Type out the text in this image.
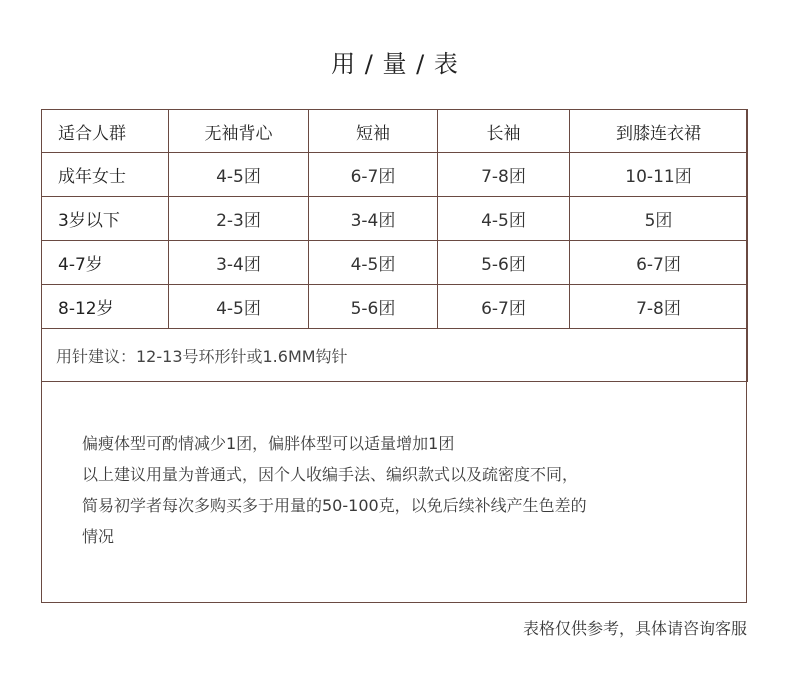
用 / 量 / 表
适合人群	无袖背心	短袖	长袖	到膝连衣裙
成年女士	4-5团	6-7团	7-8团	10-11团
3岁以下	2-3团	3-4团	4-5团	5团
4-7岁	3-4团	4-5团	5-6团	6-7团
8-12岁	4-5团	5-6团	6-7团	7-8团
用针建议：12-13号环形针或1.6MM钩针				
偏瘦体型可酌情减少1团，偏胖体型可以适量增加1团
以上建议用量为普通式，因个人收编手法、编织款式以及疏密度不同，
简易初学者每次多购买多于用量的50-100克，以免后续补线产生色差的
情况
表格仅供参考，具体请咨询客服
